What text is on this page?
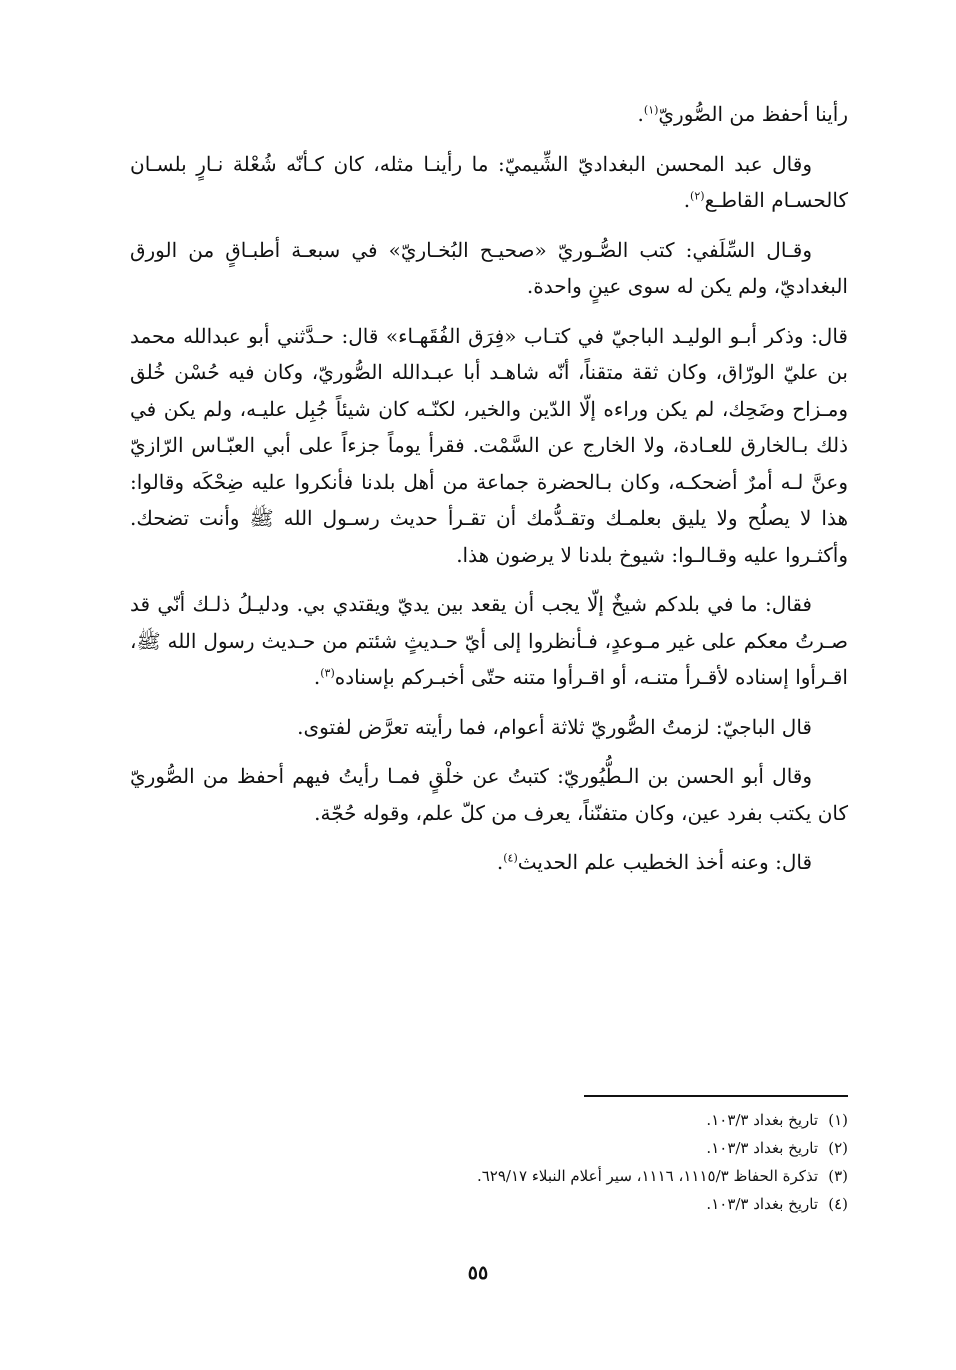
رأينا أحفظ من الصُّوريّ$^{(١)}$.

وقال عبد المحسن البغداديّ الشِّيميّ: ما رأينـا مثله، كان كـأنّه شُعْلة نـارٍ بلسـان كالحسـام القاطـع$^{(٢)}$.

وقـال السِّلَفي: كتب الصُّـوريّ «صحيـح البُخـاريّ» في سبعـة أطبـاقٍ من الورق البغداديّ، ولم يكن له سوى عينٍ واحدة.

قال: وذكر أبـو الوليـد الباجيّ في كتـاب «فِرَق الفُقَهـاء» قال: حـدَّثني أبو عبدالله محمد بن عليّ الورّاق، وكان ثقة متقناً، أنّه شاهـد أبا عبـدالله الصُّوريّ، وكان فيه حُسْن خُلق ومـزاح وضَحِك، لم يكن وراءه إلّا الدّين والخير، لكنّـه كان شيئاً جُبِل عليـه، ولم يكن في ذلك بـالخارق للعـادة، ولا الخارج عن السَّمْت. فقرأ يوماً جزءاً على أبي العبّـاس الرّازيّ وعنَّ لـه أمرٌ أضحكـه، وكان بـالحضرة جماعة من أهل بلدنا فأنكروا عليه ضِحْكَه وقالوا: هذا لا يصلُح ولا يليق بعلمـك وتقـدُّمك أن تقـرأ حديث رسـول الله ﷺ وأنت تضحك. وأكثـروا عليه وقـالـوا: شيوخ بلدنا لا يرضون هذا.

فقال: ما في بلدكم شيخٌ إلّا يجب أن يقعد بين يديّ ويقتدي بي. ودليـلُ ذلـك أنّي قد صـرتُ معكم على غير مـوعدٍ، فـأنظروا إلى أيّ حـديثٍ شئتم من حـديث رسول الله ﷺ، اقـرأوا إسناده لأقـرأ متنـه، أو اقـرأوا متنه حتّى أخبـركم بإسناده$^{(٣)}$.

قال الباجيّ: لزمتُ الصُّوريّ ثلاثة أعوام، فما رأيته تعرَّض لفتوى.

وقال أبو الحسن بن الـطُّيُوريّ: كتبتُ عن خلْقٍ فمـا رأيتُ فيهم أحفظ من الصُّوريّ كان يكتب بفرد عين، وكان متفنّناً، يعرف من كلّ علم، وقوله حُجّة.

قال: وعنه أخذ الخطيب علم الحديث$^{(٤)}$.

(١)تاريخ بغداد ١٠٣/٣.

(٢)تاريخ بغداد ١٠٣/٣.

(٣)تذكرة الحفاظ ١١١٥/٣، ١١١٦، سير أعلام النبلاء ٦٢٩/١٧.

(٤)تاريخ بغداد ١٠٣/٣.

٥٥
